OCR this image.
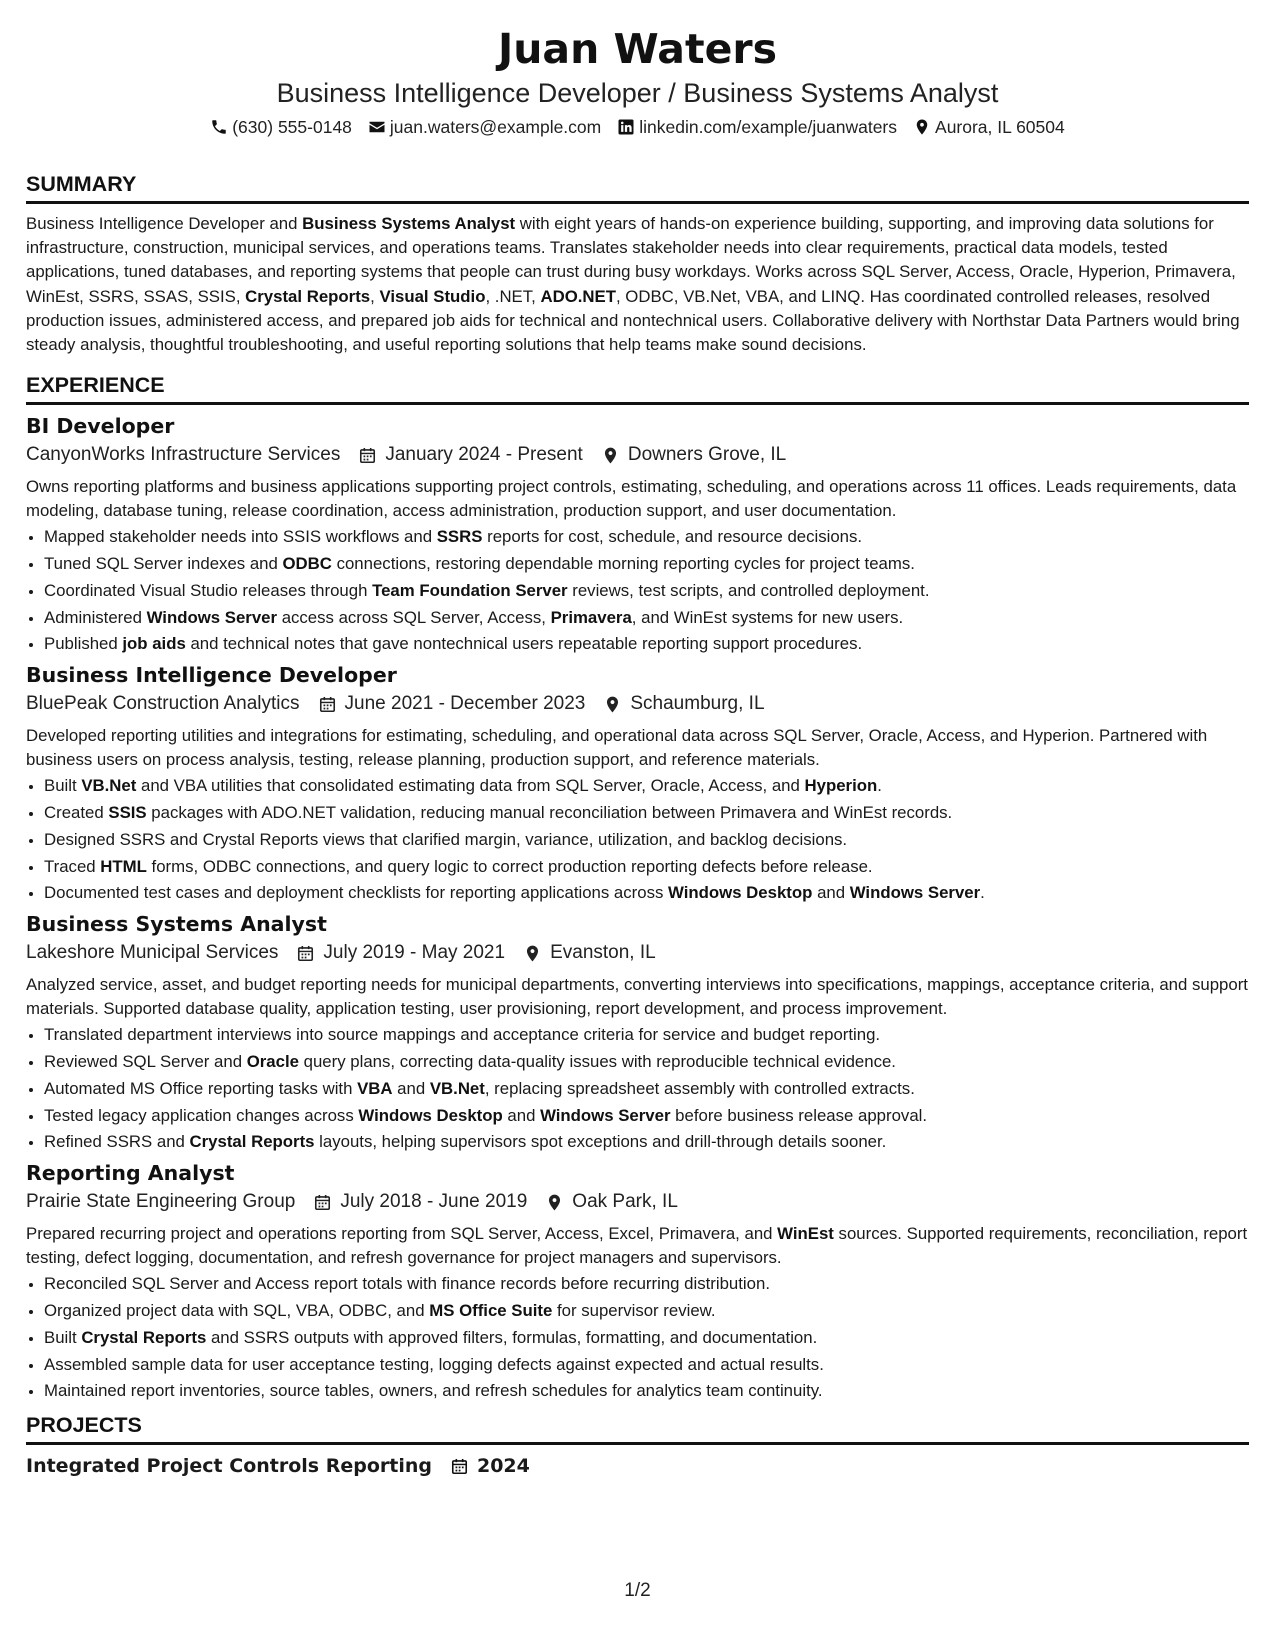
Juan Waters
Business Intelligence Developer / Business Systems Analyst
(630) 555-0148 juan.waters@example.com linkedin.com/example/juanwaters Aurora, IL 60504
SUMMARY

Business Intelligence Developer and Business Systems Analyst with eight years of hands-on experience building, supporting, and improving data solutions for infrastructure, construction, municipal services, and operations teams. Translates stakeholder needs into clear requirements, practical data models, tested applications, tuned databases, and reporting systems that people can trust during busy workdays. Works across SQL Server, Access, Oracle, Hyperion, Primavera, WinEst, SSRS, SSAS, SSIS, Crystal Reports, Visual Studio, .NET, ADO.NET, ODBC, VB.Net, VBA, and LINQ. Has coordinated controlled releases, resolved production issues, administered access, and prepared job aids for technical and nontechnical users. Collaborative delivery with Northstar Data Partners would bring steady analysis, thoughtful troubleshooting, and useful reporting solutions that help teams make sound decisions.

EXPERIENCE
BI Developer
CanyonWorks Infrastructure Services January 2024 - Present Downers Grove, IL

Owns reporting platforms and business applications supporting project controls, estimating, scheduling, and operations across 11 offices. Leads requirements, data modeling, database tuning, release coordination, access administration, production support, and user documentation.

• Mapped stakeholder needs into SSIS workflows and SSRS reports for cost, schedule, and resource decisions.
• Tuned SQL Server indexes and ODBC connections, restoring dependable morning reporting cycles for project teams.
• Coordinated Visual Studio releases through Team Foundation Server reviews, test scripts, and controlled deployment.
• Administered Windows Server access across SQL Server, Access, Primavera, and WinEst systems for new users.
• Published job aids and technical notes that gave nontechnical users repeatable reporting support procedures.
Business Intelligence Developer
BluePeak Construction Analytics June 2021 - December 2023 Schaumburg, IL

Developed reporting utilities and integrations for estimating, scheduling, and operational data across SQL Server, Oracle, Access, and Hyperion. Partnered with business users on process analysis, testing, release planning, production support, and reference materials.

• Built VB.Net and VBA utilities that consolidated estimating data from SQL Server, Oracle, Access, and Hyperion.
• Created SSIS packages with ADO.NET validation, reducing manual reconciliation between Primavera and WinEst records.
• Designed SSRS and Crystal Reports views that clarified margin, variance, utilization, and backlog decisions.
• Traced HTML forms, ODBC connections, and query logic to correct production reporting defects before release.
• Documented test cases and deployment checklists for reporting applications across Windows Desktop and Windows Server.
Business Systems Analyst
Lakeshore Municipal Services July 2019 - May 2021 Evanston, IL

Analyzed service, asset, and budget reporting needs for municipal departments, converting interviews into specifications, mappings, acceptance criteria, and support materials. Supported database quality, application testing, user provisioning, report development, and process improvement.

• Translated department interviews into source mappings and acceptance criteria for service and budget reporting.
• Reviewed SQL Server and Oracle query plans, correcting data-quality issues with reproducible technical evidence.
• Automated MS Office reporting tasks with VBA and VB.Net, replacing spreadsheet assembly with controlled extracts.
• Tested legacy application changes across Windows Desktop and Windows Server before business release approval.
• Refined SSRS and Crystal Reports layouts, helping supervisors spot exceptions and drill-through details sooner.
Reporting Analyst
Prairie State Engineering Group July 2018 - June 2019 Oak Park, IL

Prepared recurring project and operations reporting from SQL Server, Access, Excel, Primavera, and WinEst sources. Supported requirements, reconciliation, report testing, defect logging, documentation, and refresh governance for project managers and supervisors.

• Reconciled SQL Server and Access report totals with finance records before recurring distribution.
• Organized project data with SQL, VBA, ODBC, and MS Office Suite for supervisor review.
• Built Crystal Reports and SSRS outputs with approved filters, formulas, formatting, and documentation.
• Assembled sample data for user acceptance testing, logging defects against expected and actual results.
• Maintained report inventories, source tables, owners, and refresh schedules for analytics team continuity.
PROJECTS
Integrated Project Controls Reporting 2024
1/2
